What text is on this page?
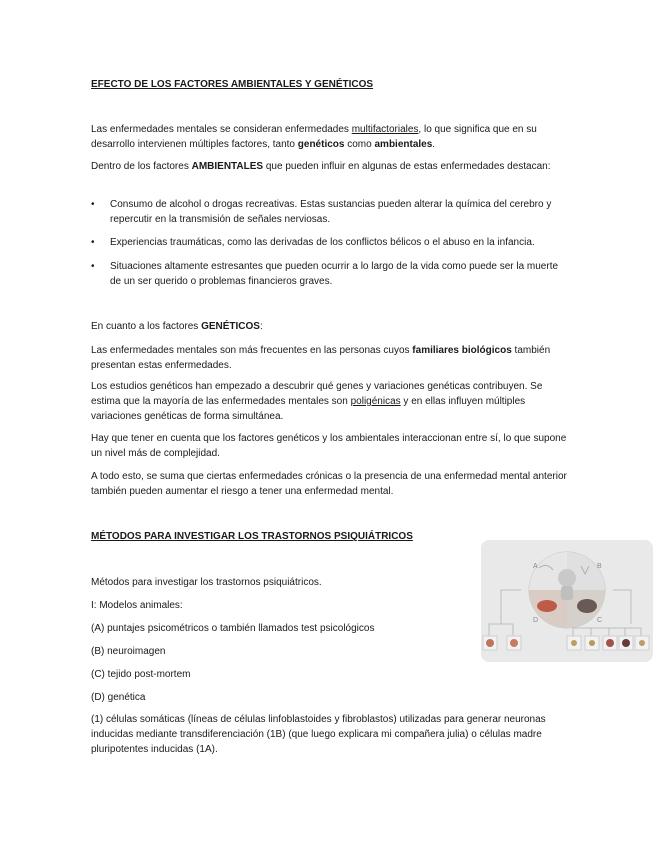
EFECTO DE LOS FACTORES AMBIENTALES Y GENÉTICOS
Las enfermedades mentales se consideran enfermedades multifactoriales, lo que significa que en su desarrollo intervienen múltiples factores, tanto genéticos como ambientales.
Dentro de los factores AMBIENTALES que pueden influir en algunas de estas enfermedades destacan:
• Consumo de alcohol o drogas recreativas. Estas sustancias pueden alterar la química del cerebro y repercutir en la transmisión de señales nerviosas.
• Experiencias traumáticas, como las derivadas de los conflictos bélicos o el abuso en la infancia.
• Situaciones altamente estresantes que pueden ocurrir a lo largo de la vida como puede ser la muerte de un ser querido o problemas financieros graves.
En cuanto a los factores GENÉTICOS:
Las enfermedades mentales son más frecuentes en las personas cuyos familiares biológicos también presentan estas enfermedades.
Los estudios genéticos han empezado a descubrir qué genes y variaciones genéticas contribuyen. Se estima que la mayoría de las enfermedades mentales son poligénicas y en ellas influyen múltiples variaciones genéticas de forma simultánea.
Hay que tener en cuenta que los factores genéticos y los ambientales interaccionan entre sí, lo que supone un nivel más de complejidad.
A todo esto, se suma que ciertas enfermedades crónicas o la presencia de una enfermedad mental anterior también pueden aumentar el riesgo a tener una enfermedad mental.
MÉTODOS PARA INVESTIGAR LOS TRASTORNOS PSIQUIÁTRICOS
Métodos para investigar los trastornos psiquiátricos.
I: Modelos animales:
(A) puntajes psicométricos o también llamados test psicológicos
(B) neuroimagen
(C) tejido post-mortem
(D) genética
(1) células somáticas (líneas de células linfoblastoides y fibroblastos) utilizadas para generar neuronas inducidas mediante transdiferenciación (1B) (que luego explicara mi compañera julia) o células madre pluripotentes inducidas (1A).
A	B
C
D
